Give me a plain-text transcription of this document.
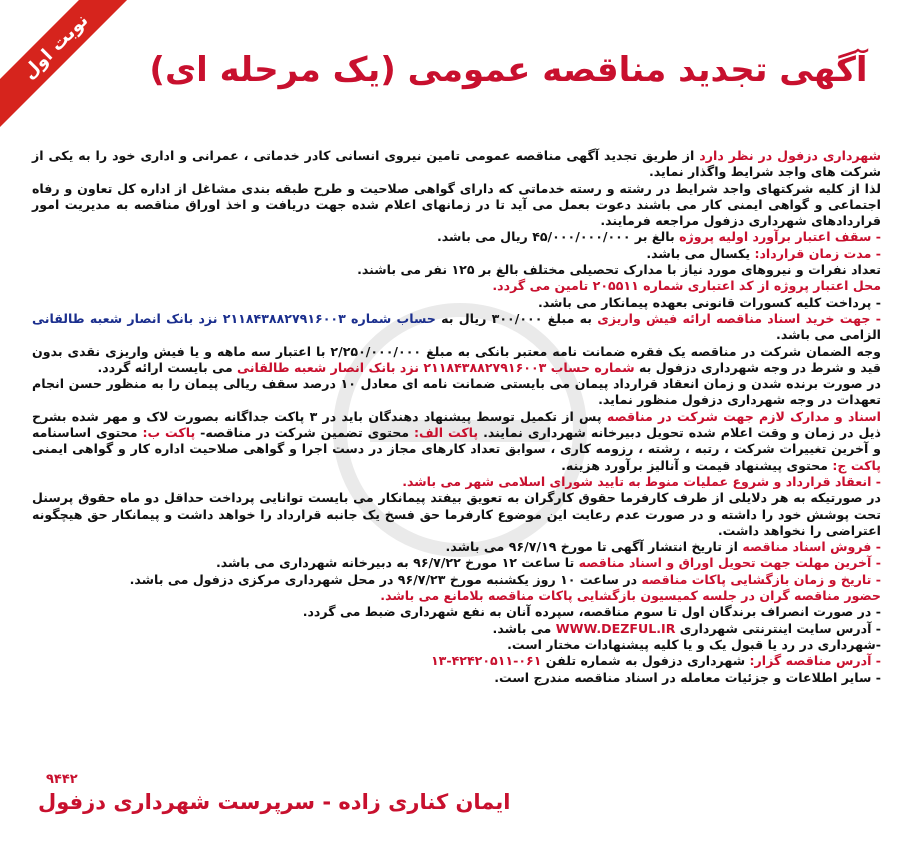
نوبت اول	آگهی تجدید مناقصه عمومی (یک مرحله ای)

شهرداری دزفول در نظر دارد از طریق تجدید آگهی مناقصه عمومی تامین نیروی انسانی کادر خدماتی ، عمرانی و اداری خود را به یکی از شرکت های واجد شرایط واگذار نماید.

لذا از کلیه شرکتهای واجد شرایط در رشته و رسته خدماتی که دارای گواهی صلاحیت و طرح طبقه بندی مشاغل از اداره کل تعاون و رفاه اجتماعی و گواهی ایمنی کار می باشند دعوت بعمل می آید تا در زمانهای اعلام شده جهت دریافت و اخذ اوراق مناقصه به مدیریت امور قراردادهای شهرداری دزفول مراجعه فرمایند.

- سقف اعتبار برآورد اولیه پروژه بالغ بر ۴۵/۰۰۰/۰۰۰/۰۰۰ ریال می باشد.

- مدت زمان قرارداد: یکسال می باشد.

تعداد نفرات و نیروهای مورد نیاز با مدارک تحصیلی مختلف بالغ بر ۱۲۵ نفر می باشند.

محل اعتبار پروژه از کد اعتباری شماره ۲۰۵۵۱۱ تامین می گردد.

- پرداخت کلیه کسورات قانونی بعهده پیمانکار می باشد.

- جهت خرید اسناد مناقصه ارائه فیش واریزی به مبلغ ۳۰۰/۰۰۰ ریال به حساب شماره ۲۱۱۸۴۳۸۸۲۷۹۱۶۰۰۳ نزد بانک انصار شعبه طالقانی الزامی می باشد.

وجه الضمان شرکت در مناقصه یک فقره ضمانت نامه معتبر بانکی به مبلغ ۲/۲۵۰/۰۰۰/۰۰۰ با اعتبار سه ماهه و یا فیش واریزی نقدی بدون قید و شرط در وجه شهرداری دزفول به شماره حساب ۲۱۱۸۴۳۸۸۲۷۹۱۶۰۰۳ نزد بانک انصار شعبه طالقانی می بایست ارائه گردد.

در صورت برنده شدن و زمان انعقاد قرارداد پیمان می بایستی ضمانت نامه ای معادل ۱۰ درصد سقف ریالی پیمان را به منظور حسن انجام تعهدات در وجه شهرداری دزفول منظور نماید.

اسناد و مدارک لازم جهت شرکت در مناقصه پس از تکمیل توسط پیشنهاد دهندگان باید در ۳ پاکت جداگانه بصورت لاک و مهر شده بشرح ذیل در زمان و وقت اعلام شده تحویل دبیرخانه شهرداری نمایند. پاکت الف: محتوی تضمین شرکت در مناقصه- پاکت ب: محتوی اساسنامه و آخرین تغییرات شرکت ، رتبه ، رشته ، رزومه کاری ، سوابق تعداد کارهای مجاز در دست اجرا و گواهی صلاحیت اداره کار و گواهی ایمنی پاکت ج: محتوی پیشنهاد قیمت و آنالیز برآورد هزینه.

- انعقاد قرارداد و شروع عملیات منوط به تایید شورای اسلامی شهر می باشد.

در صورتیکه به هر دلایلی از طرف کارفرما حقوق کارگران به تعویق بیفتد پیمانکار می بایست توانایی پرداخت حداقل دو ماه حقوق پرسنل تحت پوشش خود را داشته و در صورت عدم رعایت این موضوع کارفرما حق فسخ یک جانبه قرارداد را خواهد داشت و پیمانکار حق هیچگونه اعتراضی را نخواهد داشت.

- فروش اسناد مناقصه از تاریخ انتشار آگهی تا مورخ ۹۶/۷/۱۹ می باشد.

- آخرین مهلت جهت تحویل اوراق و اسناد مناقصه تا ساعت ۱۲ مورخ ۹۶/۷/۲۲ به دبیرخانه شهرداری می باشد.

- تاریخ و زمان بازگشایی پاکات مناقصه در ساعت ۱۰ روز یکشنبه مورخ ۹۶/۷/۲۳ در محل شهرداری مرکزی دزفول می باشد.

حضور مناقصه گران در جلسه کمیسیون بازگشایی پاکات مناقصه بلامانع می باشد.

- در صورت انصراف برندگان اول تا سوم مناقصه، سپرده آنان به نفع شهرداری ضبط می گردد.

- آدرس سایت اینترنتی شهرداری WWW.DEZFUL.IR می باشد.

-شهرداری در رد یا قبول یک و یا کلیه پیشنهادات مختار است.

- آدرس مناقصه گزار: شهرداری دزفول به شماره تلفن ۰۶۱-۴۲۴۲۰۵۱۱-۱۳

- سایر اطلاعات و جزئیات معامله در اسناد مناقصه مندرج است.

۹۴۴۲
ایمان کناری زاده - سرپرست شهرداری دزفول
